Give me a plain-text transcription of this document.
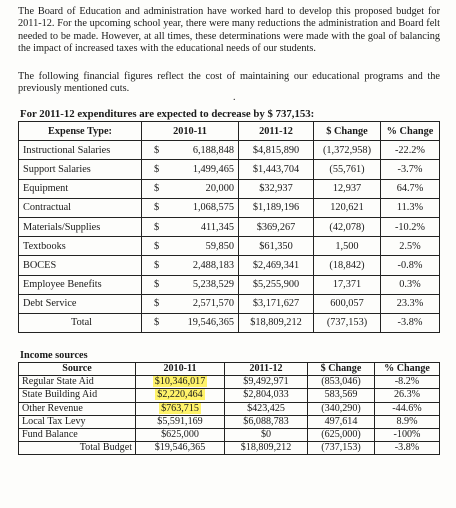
The Board of Education and administration have worked hard to develop this proposed budget for 2011-12. For the upcoming school year, there were many reductions the administration and Board felt needed to be made. However, at all times, these determinations were made with the goal of balancing the impact of increased taxes with the educational needs of our students.

The following financial figures reflect the cost of maintaining our educational programs and the previously mentioned cuts.

.
For 2011-12 expenditures are expected to decrease by $ 737,153:
Expense Type:	2010-11	2011-12	$ Change	% Change
Instructional Salaries	$ 6,188,848	$4,815,890	(1,372,958)	-22.2%
Support Salaries	$ 1,499,465	$1,443,704	(55,761)	-3.7%
Equipment	$ 20,000	$32,937	12,937	64.7%
Contractual	$ 1,068,575	$1,189,196	120,621	11.3%
Materials/Supplies	$ 411,345	$369,267	(42,078)	-10.2%
Textbooks	$ 59,850	$61,350	1,500	2.5%
BOCES	$ 2,488,183	$2,469,341	(18,842)	-0.8%
Employee Benefits	$ 5,238,529	$5,255,900	17,371	0.3%
Debt Service	$ 2,571,570	$3,171,627	600,057	23.3%
Total	$ 19,546,365	$18,809,212	(737,153)	-3.8%
Income sources
Source	2010-11	2011-12	$ Change	% Change
Regular State Aid	$10,346,017	$9,492,971	(853,046)	-8.2%
State Building Aid	$2,220,464	$2,804,033	583,569	26.3%
Other Revenue	$763,715	$423,425	(340,290)	-44.6%
Local Tax Levy	$5,591,169	$6,088,783	497,614	8.9%
Fund Balance	$625,000	$0	(625,000)	-100%
Total Budget	$19,546,365	$18,809,212	(737,153)	-3.8%
